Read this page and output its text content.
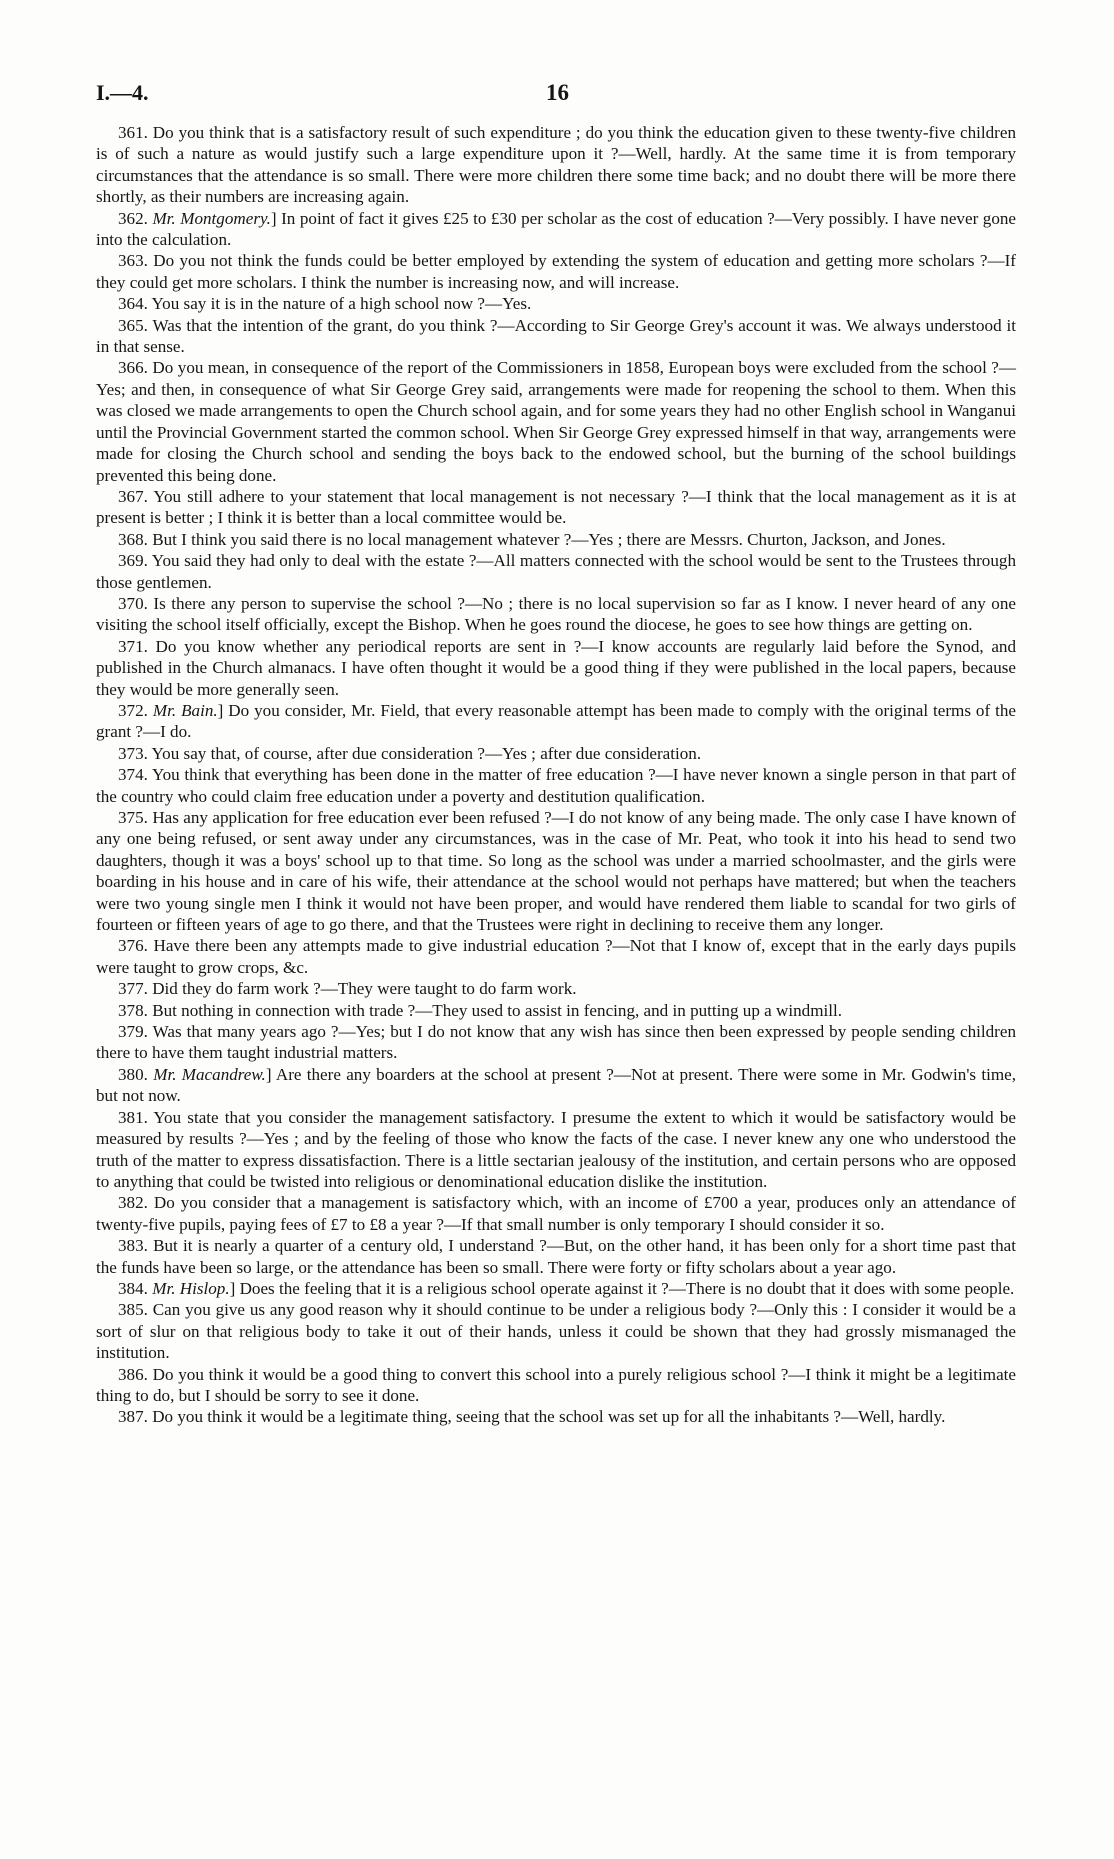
I.—4.	16

361. Do you think that is a satisfactory result of such expenditure ; do you think the education given to these twenty-five children is of such a nature as would justify such a large expenditure upon it ?—Well, hardly. At the same time it is from temporary circumstances that the attendance is so small. There were more children there some time back; and no doubt there will be more there shortly, as their numbers are increasing again.

362. Mr. Montgomery.] In point of fact it gives £25 to £30 per scholar as the cost of education ?—Very possibly. I have never gone into the calculation.

363. Do you not think the funds could be better employed by extending the system of education and getting more scholars ?—If they could get more scholars. I think the number is increasing now, and will increase.

364. You say it is in the nature of a high school now ?—Yes.

365. Was that the intention of the grant, do you think ?—According to Sir George Grey's account it was. We always understood it in that sense.

366. Do you mean, in consequence of the report of the Commissioners in 1858, European boys were excluded from the school ?—Yes; and then, in consequence of what Sir George Grey said, arrangements were made for reopening the school to them. When this was closed we made arrangements to open the Church school again, and for some years they had no other English school in Wanganui until the Provincial Government started the common school. When Sir George Grey expressed himself in that way, arrangements were made for closing the Church school and sending the boys back to the endowed school, but the burning of the school buildings prevented this being done.

367. You still adhere to your statement that local management is not necessary ?—I think that the local management as it is at present is better ; I think it is better than a local committee would be.

368. But I think you said there is no local management whatever ?—Yes ; there are Messrs. Churton, Jackson, and Jones.

369. You said they had only to deal with the estate ?—All matters connected with the school would be sent to the Trustees through those gentlemen.

370. Is there any person to supervise the school ?—No ; there is no local supervision so far as I know. I never heard of any one visiting the school itself officially, except the Bishop. When he goes round the diocese, he goes to see how things are getting on.

371. Do you know whether any periodical reports are sent in ?—I know accounts are regularly laid before the Synod, and published in the Church almanacs. I have often thought it would be a good thing if they were published in the local papers, because they would be more generally seen.

372. Mr. Bain.] Do you consider, Mr. Field, that every reasonable attempt has been made to comply with the original terms of the grant ?—I do.

373. You say that, of course, after due consideration ?—Yes ; after due consideration.

374. You think that everything has been done in the matter of free education ?—I have never known a single person in that part of the country who could claim free education under a poverty and destitution qualification.

375. Has any application for free education ever been refused ?—I do not know of any being made. The only case I have known of any one being refused, or sent away under any circumstances, was in the case of Mr. Peat, who took it into his head to send two daughters, though it was a boys' school up to that time. So long as the school was under a married schoolmaster, and the girls were boarding in his house and in care of his wife, their attendance at the school would not perhaps have mattered; but when the teachers were two young single men I think it would not have been proper, and would have rendered them liable to scandal for two girls of fourteen or fifteen years of age to go there, and that the Trustees were right in declining to receive them any longer.

376. Have there been any attempts made to give industrial education ?—Not that I know of, except that in the early days pupils were taught to grow crops, &c.

377. Did they do farm work ?—They were taught to do farm work.

378. But nothing in connection with trade ?—They used to assist in fencing, and in putting up a windmill.

379. Was that many years ago ?—Yes; but I do not know that any wish has since then been expressed by people sending children there to have them taught industrial matters.

380. Mr. Macandrew.] Are there any boarders at the school at present ?—Not at present. There were some in Mr. Godwin's time, but not now.

381. You state that you consider the management satisfactory. I presume the extent to which it would be satisfactory would be measured by results ?—Yes ; and by the feeling of those who know the facts of the case. I never knew any one who understood the truth of the matter to express dissatisfaction. There is a little sectarian jealousy of the institution, and certain persons who are opposed to anything that could be twisted into religious or denominational education dislike the institution.

382. Do you consider that a management is satisfactory which, with an income of £700 a year, produces only an attendance of twenty-five pupils, paying fees of £7 to £8 a year ?—If that small number is only temporary I should consider it so.

383. But it is nearly a quarter of a century old, I understand ?—But, on the other hand, it has been only for a short time past that the funds have been so large, or the attendance has been so small. There were forty or fifty scholars about a year ago.

384. Mr. Hislop.] Does the feeling that it is a religious school operate against it ?—There is no doubt that it does with some people.

385. Can you give us any good reason why it should continue to be under a religious body ?—Only this : I consider it would be a sort of slur on that religious body to take it out of their hands, unless it could be shown that they had grossly mismanaged the institution.

386. Do you think it would be a good thing to convert this school into a purely religious school ?—I think it might be a legitimate thing to do, but I should be sorry to see it done.

387. Do you think it would be a legitimate thing, seeing that the school was set up for all the inhabitants ?—Well, hardly.
